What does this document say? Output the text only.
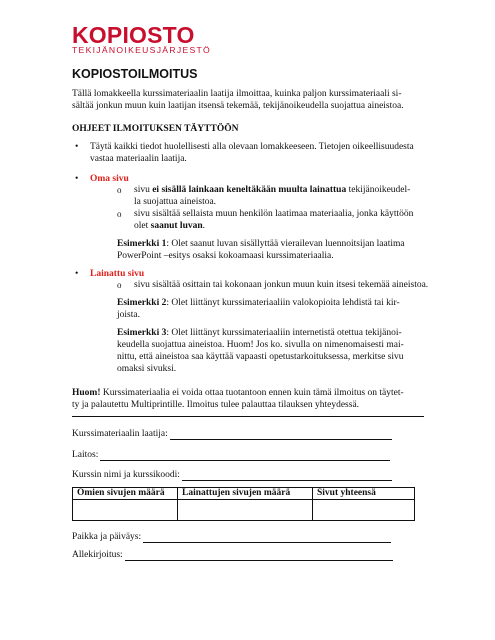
KOPIOSTO
TEKIJÄNOIKEUSJÄRJESTÖ
KOPIOSTOILMOITUS
Tällä lomakkeella kurssimateriaalin laatija ilmoittaa, kuinka paljon kurssimateriaali si-
sältää jonkun muun kuin laatijan itsensä tekemää, tekijänoikeudella suojattua aineistoa.
OHJEET ILMOITUKSEN TÄYTTÖÖN
• Täytä kaikki tiedot huolellisesti alla olevaan lomakkeeseen. Tietojen oikeellisuudesta
vastaa materiaalin laatija.
• Oma sivu
o sivu ei sisällä lainkaan keneltäkään muulta lainattua tekijänoikeudel-
la suojattua aineistoa.
o sivu sisältää sellaista muun henkilön laatimaa materiaalia, jonka käyttöön
olet saanut luvan.
Esimerkki 1: Olet saanut luvan sisällyttää vierailevan luennoitsijan laatima
PowerPoint –esitys osaksi kokoamaasi kurssimateriaalia.
• Lainattu sivu
o sivu sisältää osittain tai kokonaan jonkun muun kuin itsesi tekemää aineistoa.
Esimerkki 2: Olet liittänyt kurssimateriaaliin valokopioita lehdistä tai kir-
joista.
Esimerkki 3: Olet liittänyt kurssimateriaaliin internetistä otettua tekijänoi-
keudella suojattua aineistoa. Huom! Jos ko. sivulla on nimenomaisesti mai-
nittu, että aineistoa saa käyttää vapaasti opetustarkoituksessa, merkitse sivu
omaksi sivuksi.
Huom! Kurssimateriaalia ei voida ottaa tuotantoon ennen kuin tämä ilmoitus on täytet-
ty ja palautettu Multiprintille. Ilmoitus tulee palauttaa tilauksen yhteydessä.
Kurssimateriaalin laatija:
Laitos:
Kurssin nimi ja kurssikoodi:
Omien sivujen määrä	Lainattujen sivujen määrä	Sivut yhteensä

Paikka ja päiväys:
Allekirjoitus:
